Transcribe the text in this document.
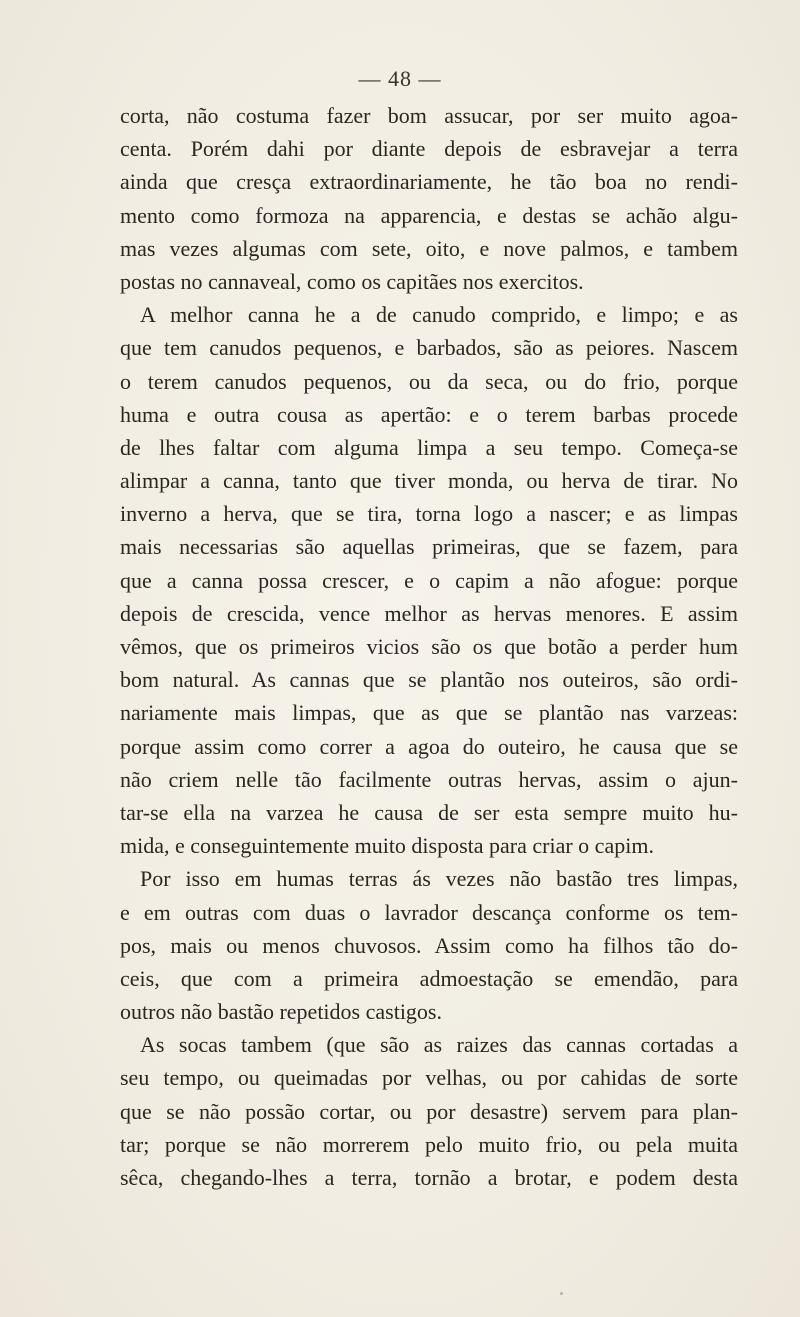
— 48 —
corta, não costuma fazer bom assucar, por ser muito agoa-
centa. Porém dahi por diante depois de esbravejar a terra
ainda que cresça extraordinariamente, he tão boa no rendi-
mento como formoza na apparencia, e destas se achão algu-
mas vezes algumas com sete, oito, e nove palmos, e tambem
postas no cannaveal, como os capitães nos exercitos.
A melhor canna he a de canudo comprido, e limpo; e as
que tem canudos pequenos, e barbados, são as peiores. Nascem
o terem canudos pequenos, ou da seca, ou do frio, porque
huma e outra cousa as apertão: e o terem barbas procede
de lhes faltar com alguma limpa a seu tempo. Começa-se
alimpar a canna, tanto que tiver monda, ou herva de tirar. No
inverno a herva, que se tira, torna logo a nascer; e as limpas
mais necessarias são aquellas primeiras, que se fazem, para
que a canna possa crescer, e o capim a não afogue: porque
depois de crescida, vence melhor as hervas menores. E assim
vêmos, que os primeiros vicios são os que botão a perder hum
bom natural. As cannas que se plantão nos outeiros, são ordi-
nariamente mais limpas, que as que se plantão nas varzeas:
porque assim como correr a agoa do outeiro, he causa que se
não criem nelle tão facilmente outras hervas, assim o ajun-
tar-se ella na varzea he causa de ser esta sempre muito hu-
mida, e conseguintemente muito disposta para criar o capim.
Por isso em humas terras ás vezes não bastão tres limpas,
e em outras com duas o lavrador descança conforme os tem-
pos, mais ou menos chuvosos. Assim como ha filhos tão do-
ceis, que com a primeira admoestação se emendão, para
outros não bastão repetidos castigos.
As socas tambem (que são as raizes das cannas cortadas a
seu tempo, ou queimadas por velhas, ou por cahidas de sorte
que se não possão cortar, ou por desastre) servem para plan-
tar; porque se não morrerem pelo muito frio, ou pela muita
sêca, chegando-lhes a terra, tornão a brotar, e podem desta
